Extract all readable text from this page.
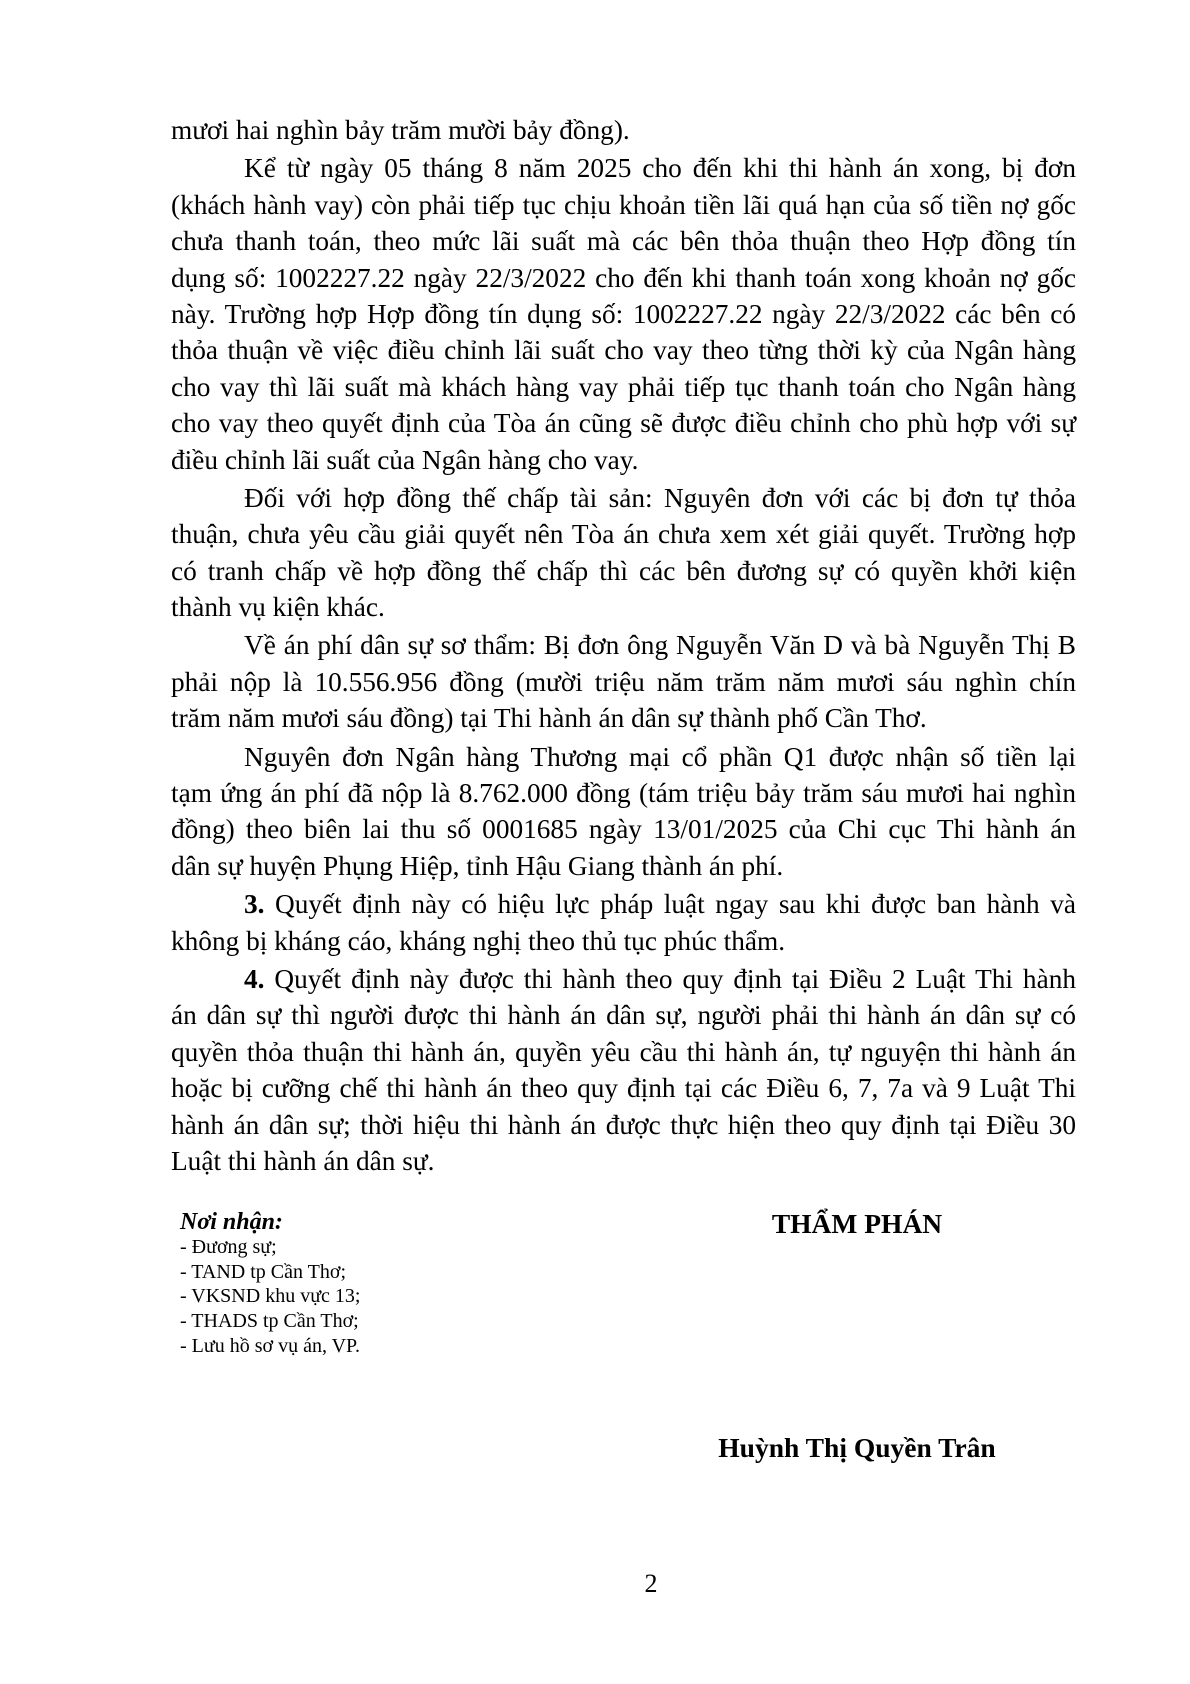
mươi hai nghìn bảy trăm mười bảy đồng).
Kể từ ngày 05 tháng 8 năm 2025 cho đến khi thi hành án xong, bị đơn
(khách hành vay) còn phải tiếp tục chịu khoản tiền lãi quá hạn của số tiền nợ gốc
chưa thanh toán, theo mức lãi suất mà các bên thỏa thuận theo Hợp đồng tín
dụng số: 1002227.22 ngày 22/3/2022 cho đến khi thanh toán xong khoản nợ gốc
này. Trường hợp Hợp đồng tín dụng số: 1002227.22 ngày 22/3/2022 các bên có
thỏa thuận về việc điều chỉnh lãi suất cho vay theo từng thời kỳ của Ngân hàng
cho vay thì lãi suất mà khách hàng vay phải tiếp tục thanh toán cho Ngân hàng
cho vay theo quyết định của Tòa án cũng sẽ được điều chỉnh cho phù hợp với sự
điều chỉnh lãi suất của Ngân hàng cho vay.
Đối với hợp đồng thế chấp tài sản: Nguyên đơn với các bị đơn tự thỏa
thuận, chưa yêu cầu giải quyết nên Tòa án chưa xem xét giải quyết. Trường hợp
có tranh chấp về hợp đồng thế chấp thì các bên đương sự có quyền khởi kiện
thành vụ kiện khác.
Về án phí dân sự sơ thẩm: Bị đơn ông Nguyễn Văn D và bà Nguyễn Thị B
phải nộp là 10.556.956 đồng (mười triệu năm trăm năm mươi sáu nghìn chín
trăm năm mươi sáu đồng) tại Thi hành án dân sự thành phố Cần Thơ.
Nguyên đơn Ngân hàng Thương mại cổ phần Q1 được nhận số tiền lại
tạm ứng án phí đã nộp là 8.762.000 đồng (tám triệu bảy trăm sáu mươi hai nghìn
đồng) theo biên lai thu số 0001685 ngày 13/01/2025 của Chi cục Thi hành án
dân sự huyện Phụng Hiệp, tỉnh Hậu Giang thành án phí.
3. Quyết định này có hiệu lực pháp luật ngay sau khi được ban hành và
không bị kháng cáo, kháng nghị theo thủ tục phúc thẩm.
4. Quyết định này được thi hành theo quy định tại Điều 2 Luật Thi hành
án dân sự thì người được thi hành án dân sự, người phải thi hành án dân sự có
quyền thỏa thuận thi hành án, quyền yêu cầu thi hành án, tự nguyện thi hành án
hoặc bị cưỡng chế thi hành án theo quy định tại các Điều 6, 7, 7a và 9 Luật Thi
hành án dân sự; thời hiệu thi hành án được thực hiện theo quy định tại Điều 30
Luật thi hành án dân sự.
Nơi nhận:
- Đương sự;
- TAND tp Cần Thơ;
- VKSND khu vực 13;
- THADS tp Cần Thơ;
- Lưu hồ sơ vụ án, VP.
THẨM PHÁN
Huỳnh Thị Quyền Trân
2
